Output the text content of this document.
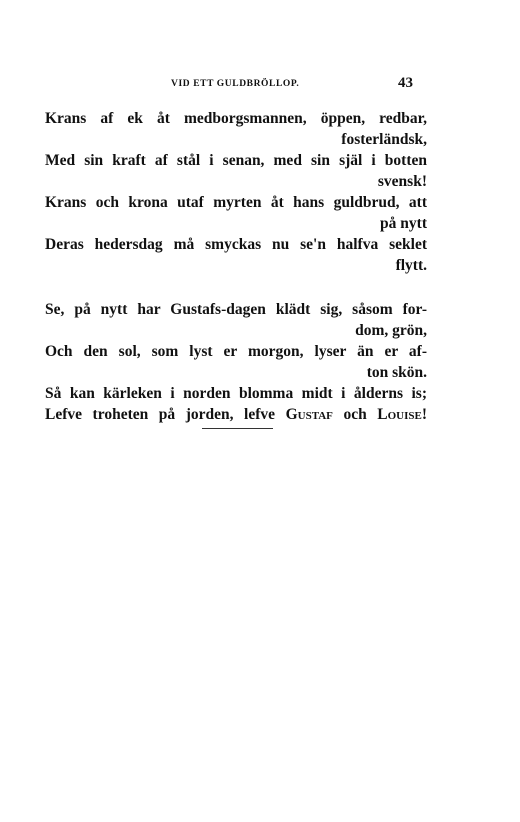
VID ETT GULDBRÖLLOP.	43
Krans af ek åt medborgsmannen, öppen, redbar,
fosterländsk,
Med sin kraft af stål i senan, med sin själ i botten
svensk!
Krans och krona utaf myrten åt hans guldbrud, att
på nytt
Deras hedersdag må smyckas nu se'n halfva seklet
flytt.
Se, på nytt har Gustafs-dagen klädt sig, såsom for-
dom, grön,
Och den sol, som lyst er morgon, lyser än er af-
ton skön.
Så kan kärleken i norden blomma midt i ålderns is;
Lefve troheten på jorden, lefve Gustaf och Louise!
